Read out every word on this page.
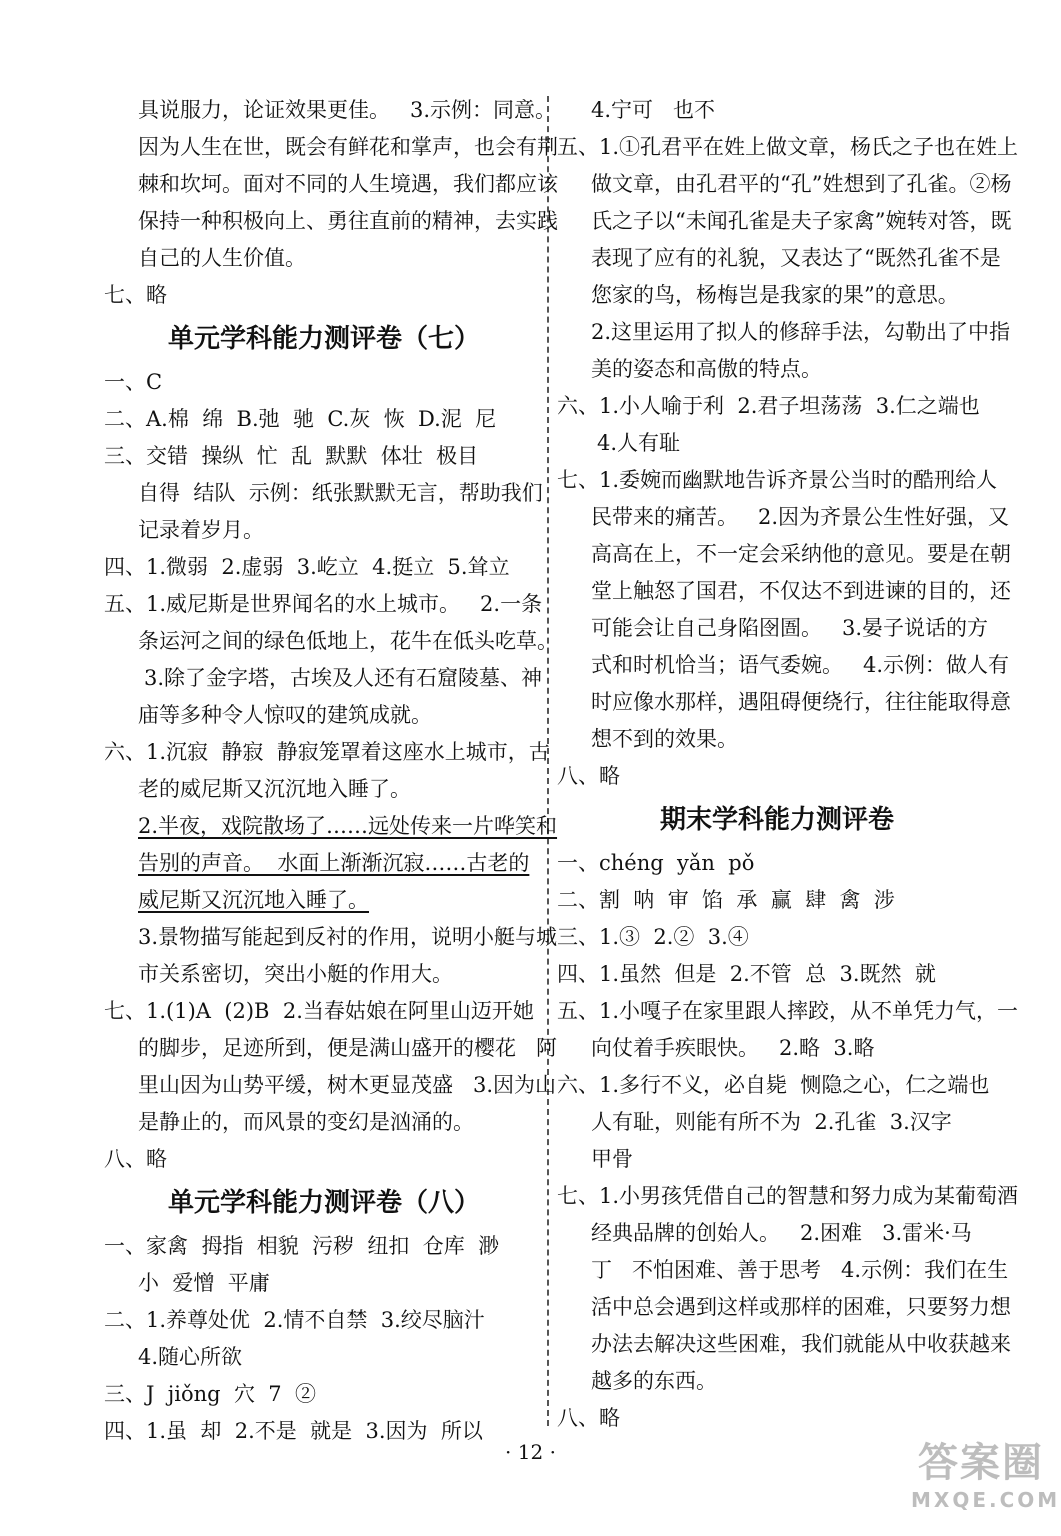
具说服力，论证效果更佳。   3.示例：同意。
因为人生在世，既会有鲜花和掌声，也会有荆
棘和坎坷。面对不同的人生境遇，我们都应该
保持一种积极向上、勇往直前的精神，去实践
自己的人生价值。
七、略
单元学科能力测评卷（七）
一、C
二、A.棉  绵  B.弛  驰  C.灰  恢  D.泥  尼
三、交错  操纵  忙  乱  默默  体壮  极目
自得  结队  示例：纸张默默无言，帮助我们
记录着岁月。
四、1.微弱  2.虚弱  3.屹立  4.挺立  5.耸立
五、1.威尼斯是世界闻名的水上城市。   2.一条
条运河之间的绿色低地上，花牛在低头吃草。
3.除了金字塔，古埃及人还有石窟陵墓、神
庙等多种令人惊叹的建筑成就。
六、1.沉寂  静寂  静寂笼罩着这座水上城市，古
老的威尼斯又沉沉地入睡了。
2.半夜，戏院散场了……远处传来一片哗笑和
告别的声音。  水面上渐渐沉寂……古老的
威尼斯又沉沉地入睡了。
3.景物描写能起到反衬的作用，说明小艇与城
市关系密切，突出小艇的作用大。
七、1.(1)A  (2)B  2.当春姑娘在阿里山迈开她
的脚步，足迹所到，便是满山盛开的樱花   阿
里山因为山势平缓，树木更显茂盛   3.因为山
是静止的，而风景的变幻是汹涌的。
八、略
单元学科能力测评卷（八）
一、家禽  拇指  相貌  污秽  纽扣  仓库  渺
小  爱憎  平庸
二、1.养尊处优  2.情不自禁  3.绞尽脑汁
4.随心所欲
三、J  jiǒng  穴  7  ②
四、1.虽  却  2.不是  就是  3.因为  所以
4.宁可   也不
五、1.①孔君平在姓上做文章，杨氏之子也在姓上
做文章，由孔君平的“孔”姓想到了孔雀。②杨
氏之子以“未闻孔雀是夫子家禽”婉转对答，既
表现了应有的礼貌，又表达了“既然孔雀不是
您家的鸟，杨梅岂是我家的果”的意思。
2.这里运用了拟人的修辞手法，勾勒出了中指
美的姿态和高傲的特点。
六、1.小人喻于利  2.君子坦荡荡  3.仁之端也
4.人有耻
七、1.委婉而幽默地告诉齐景公当时的酷刑给人
民带来的痛苦。   2.因为齐景公生性好强，又
高高在上，不一定会采纳他的意见。要是在朝
堂上触怒了国君，不仅达不到进谏的目的，还
可能会让自己身陷囹圄。   3.晏子说话的方
式和时机恰当；语气委婉。   4.示例：做人有
时应像水那样，遇阻碍便绕行，往往能取得意
想不到的效果。
八、略
期末学科能力测评卷
一、chéng  yǎn  pǒ
二、割  呐  审  馅  承  赢  肆  禽  涉
三、1.③  2.②  3.④
四、1.虽然  但是  2.不管  总  3.既然  就
五、1.小嘎子在家里跟人摔跤，从不单凭力气，一
向仗着手疾眼快。   2.略  3.略
六、1.多行不义，必自毙  恻隐之心，仁之端也
人有耻，则能有所不为  2.孔雀  3.汉字
甲骨
七、1.小男孩凭借自己的智慧和努力成为某葡萄酒
经典品牌的创始人。   2.困难   3.雷米·马
丁   不怕困难、善于思考   4.示例：我们在生
活中总会遇到这样或那样的困难，只要努力想
办法去解决这些困难，我们就能从中收获越来
越多的东西。
八、略
· 12 ·	答案圈
MXQE.COM
